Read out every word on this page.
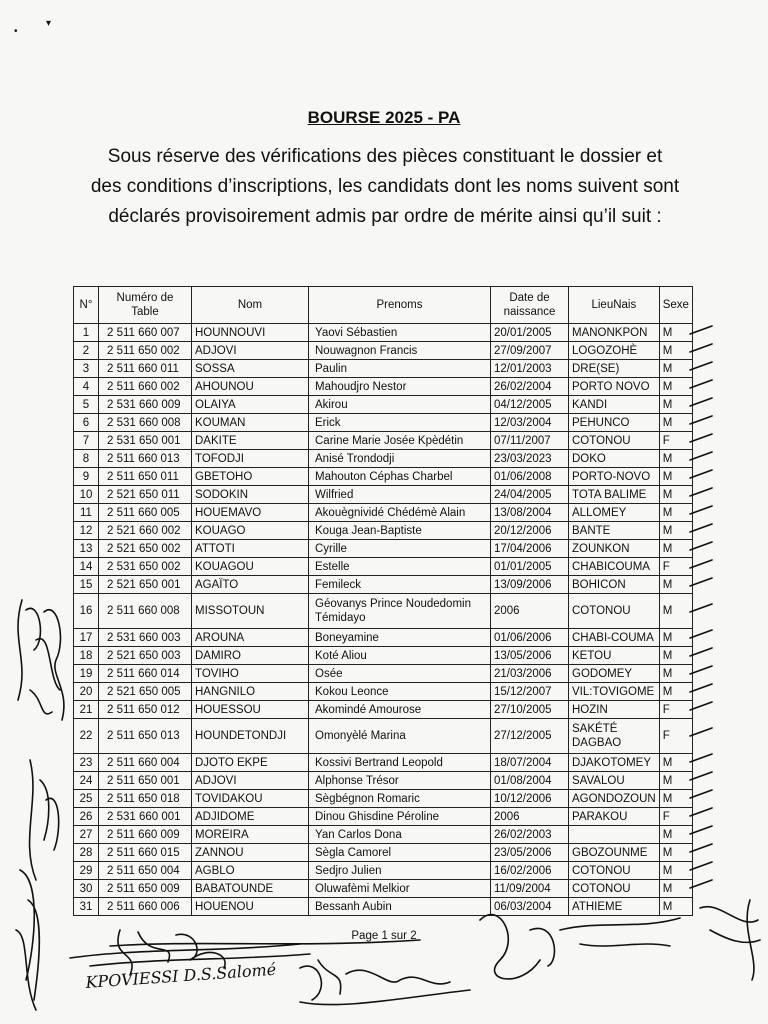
•
▾
BOURSE 2025 - PA
Sous réserve des vérifications des pièces constituant le dossier et des conditions d’inscriptions, les candidats dont les noms suivent sont déclarés provisoirement admis par ordre de mérite ainsi qu’il suit :
N°	Numéro de Table	Nom	Prenoms	Date de naissance	LieuNais	Sexe
1	2 511 660 007	HOUNNOUVI	Yaovi Sébastien	20/01/2005	MANONKPON	M
2	2 511 650 002	ADJOVI	Nouwagnon Francis	27/09/2007	LOGOZOHÈ	M
3	2 511 660 011	SOSSA	Paulin	12/01/2003	DRE(SE)	M
4	2 511 660 002	AHOUNOU	Mahoudjro Nestor	26/02/2004	PORTO NOVO	M
5	2 531 660 009	OLAIYA	Akirou	04/12/2005	KANDI	M
6	2 531 660 008	KOUMAN	Erick	12/03/2004	PEHUNCO	M
7	2 531 650 001	DAKITE	Carine Marie Josée Kpèdétin	07/11/2007	COTONOU	F
8	2 511 660 013	TOFODJI	Anisé Trondodji	23/03/2023	DOKO	M
9	2 511 650 011	GBETOHO	Mahouton Céphas Charbel	01/06/2008	PORTO-NOVO	M
10	2 521 650 011	SODOKIN	Wilfried	24/04/2005	TOTA BALIME	M
11	2 511 660 005	HOUEMAVO	Akouègnividé Chédémè Alain	13/08/2004	ALLOMEY	M
12	2 521 660 002	KOUAGO	Kouga Jean-Baptiste	20/12/2006	BANTE	M
13	2 521 650 002	ATTOTI	Cyrille	17/04/2006	ZOUNKON	M
14	2 531 650 002	KOUAGOU	Estelle	01/01/2005	CHABICOUMA	F
15	2 521 650 001	AGAÏTO	Femileck	13/09/2006	BOHICON	M
16	2 511 660 008	MISSOTOUN	Géovanys Prince Noudedomin Témidayo	2006	COTONOU	M
17	2 531 660 003	AROUNA	Boneyamine	01/06/2006	CHABI-COUMA	M
18	2 521 650 003	DAMIRO	Koté Aliou	13/05/2006	KETOU	M
19	2 511 660 014	TOVIHO	Osée	21/03/2006	GODOMEY	M
20	2 521 650 005	HANGNILO	Kokou Leonce	15/12/2007	VIL:TOVIGOME	M
21	2 511 650 012	HOUESSOU	Akomindé Amourose	27/10/2005	HOZIN	F
22	2 511 650 013	HOUNDETONDJI	Omonyèlé Marina	27/12/2005	SAKÉTÉ DAGBAO	F
23	2 511 660 004	DJOTO EKPE	Kossivi Bertrand Leopold	18/07/2004	DJAKOTOMEY	M
24	2 511 650 001	ADJOVI	Alphonse Trésor	01/08/2004	SAVALOU	M
25	2 511 650 018	TOVIDAKOU	Sègbégnon Romaric	10/12/2006	AGONDOZOUN	M
26	2 531 660 001	ADJIDOME	Dinou Ghisdine Péroline	2006	PARAKOU	F
27	2 511 660 009	MOREIRA	Yan Carlos Dona	26/02/2003		M
28	2 511 660 015	ZANNOU	Sègla Camorel	23/05/2006	GBOZOUNME	M
29	2 511 650 004	AGBLO	Sedjro Julien	16/02/2006	COTONOU	M
30	2 511 650 009	BABATOUNDE	Oluwafèmi Melkior	11/09/2004	COTONOU	M
31	2 511 660 006	HOUENOU	Bessanh Aubin	06/03/2004	ATHIEME	M
Page 1 sur 2
KPOVIESSI D.S.Salomé
